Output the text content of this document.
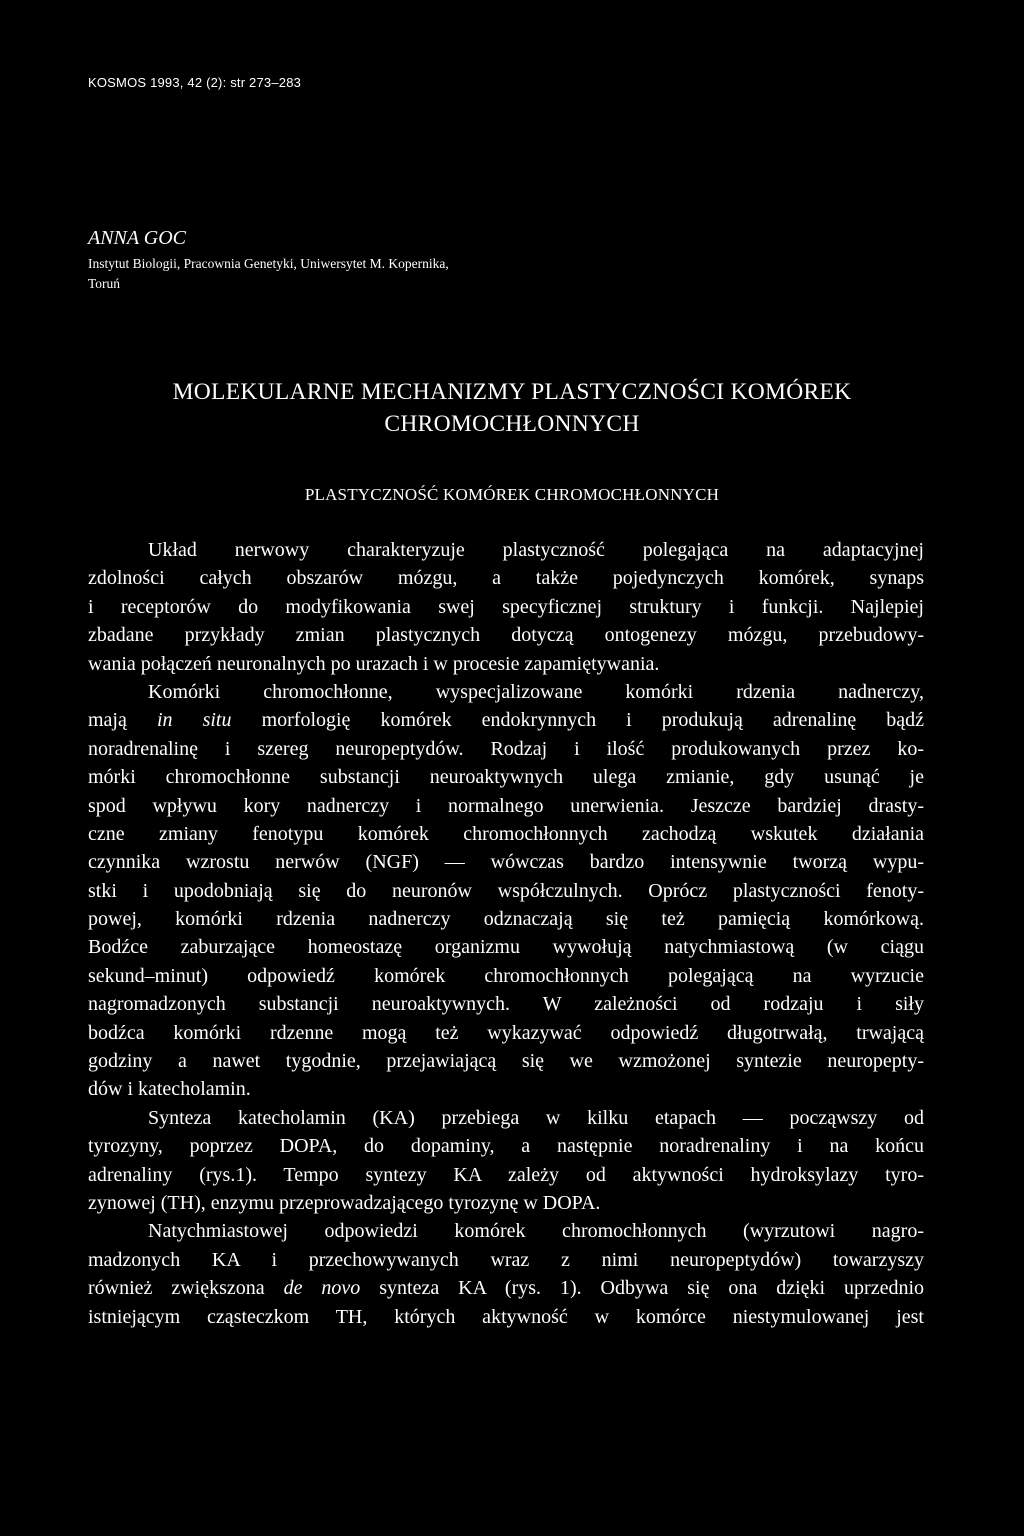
KOSMOS 1993, 42 (2): str 273–283
ANNA GOC
Instytut Biologii, Pracownia Genetyki, Uniwersytet M. Kopernika,
Toruń
MOLEKULARNE MECHANIZMY PLASTYCZNOŚCI KOMÓREK
CHROMOCHŁONNYCH
PLASTYCZNOŚĆ KOMÓREK CHROMOCHŁONNYCH
Układ nerwowy charakteryzuje plastyczność polegająca na adaptacyjnej
zdolności całych obszarów mózgu, a także pojedynczych komórek, synaps
i receptorów do modyfikowania swej specyficznej struktury i funkcji. Najlepiej
zbadane przykłady zmian plastycznych dotyczą ontogenezy mózgu, przebudowy-
wania połączeń neuronalnych po urazach i w procesie zapamiętywania.
Komórki chromochłonne, wyspecjalizowane komórki rdzenia nadnerczy,
mają in situ morfologię komórek endokrynnych i produkują adrenalinę bądź
noradrenalinę i szereg neuropeptydów. Rodzaj i ilość produkowanych przez ko-
mórki chromochłonne substancji neuroaktywnych ulega zmianie, gdy usunąć je
spod wpływu kory nadnerczy i normalnego unerwienia. Jeszcze bardziej drasty-
czne zmiany fenotypu komórek chromochłonnych zachodzą wskutek działania
czynnika wzrostu nerwów (NGF) — wówczas bardzo intensywnie tworzą wypu-
stki i upodobniają się do neuronów współczulnych. Oprócz plastyczności fenoty-
powej, komórki rdzenia nadnerczy odznaczają się też pamięcią komórkową.
Bodźce zaburzające homeostazę organizmu wywołują natychmiastową (w ciągu
sekund–minut) odpowiedź komórek chromochłonnych polegającą na wyrzucie
nagromadzonych substancji neuroaktywnych. W zależności od rodzaju i siły
bodźca komórki rdzenne mogą też wykazywać odpowiedź długotrwałą, trwającą
godziny a nawet tygodnie, przejawiającą się we wzmożonej syntezie neuropepty-
dów i katecholamin.
Synteza katecholamin (KA) przebiega w kilku etapach — począwszy od
tyrozyny, poprzez DOPA, do dopaminy, a następnie noradrenaliny i na końcu
adrenaliny (rys.1). Tempo syntezy KA zależy od aktywności hydroksylazy tyro-
zynowej (TH), enzymu przeprowadzającego tyrozynę w DOPA.
Natychmiastowej odpowiedzi komórek chromochłonnych (wyrzutowi nagro-
madzonych KA i przechowywanych wraz z nimi neuropeptydów) towarzyszy
również zwiększona de novo synteza KA (rys. 1). Odbywa się ona dzięki uprzednio
istniejącym cząsteczkom TH, których aktywność w komórce niestymulowanej jest
